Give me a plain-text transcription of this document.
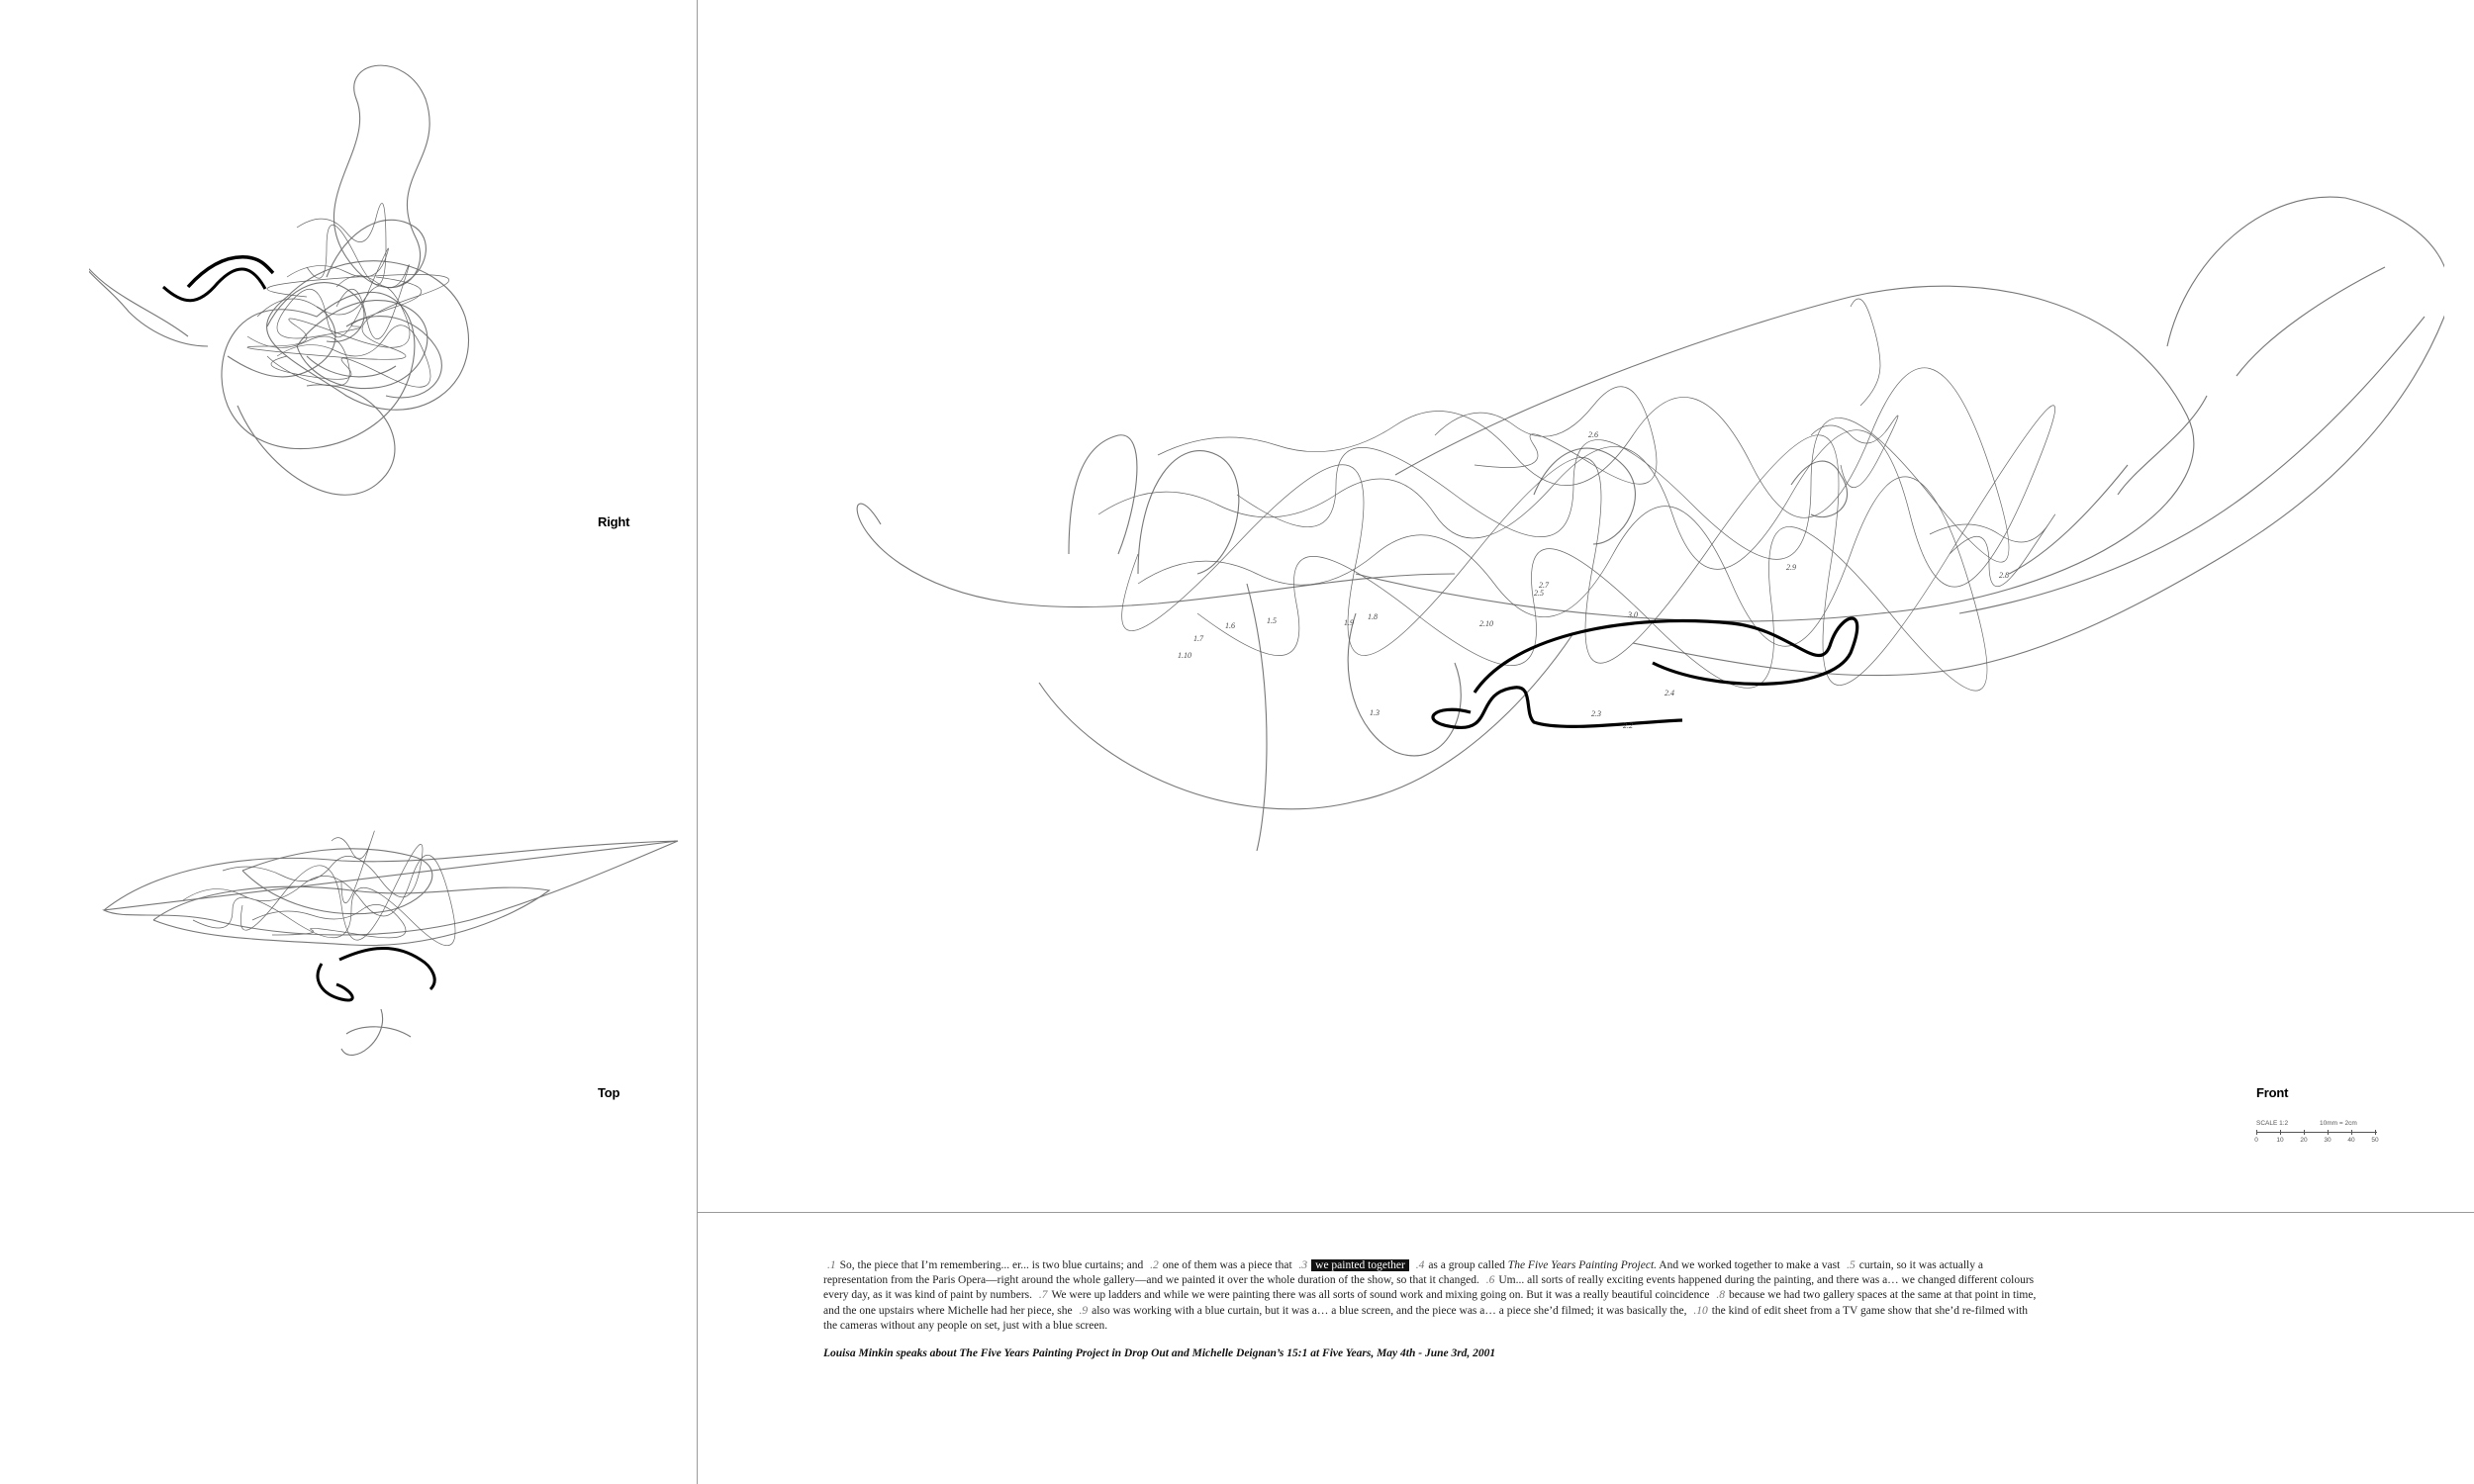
Right
Top
2.6
2.7
2.5
2.9
2.8
2.4
2.3
2.2
2.10
1.8
1.9
3.0
1.10
1.7
1.6
1.5
1.3
Front
SCALE 1:2	10mm = 2cm
0	10	20	30	40	50
.1 So, the piece that I’m remembering... er... is two blue curtains; and .2 one of them was a piece that .3 we painted together .4 as a group called The Five Years Painting Project. And we worked together to make a vast .5 curtain, so it was actually a representation from the Paris Opera—right around the whole gallery—and we painted it over the whole duration of the show, so that it changed. .6 Um... all sorts of really exciting events happened during the painting, and there was a… we changed different colours every day, as it was kind of paint by numbers. .7 We were up ladders and while we were painting there was all sorts of sound work and mixing going on. But it was a really beautiful coincidence .8 because we had two gallery spaces at the same at that point in time, and the one upstairs where Michelle had her piece, she .9 also was working with a blue curtain, but it was a… a blue screen, and the piece was a… a piece she’d filmed; it was basically the, .10 the kind of edit sheet from a TV game show that she’d re-filmed with the cameras without any people on set, just with a blue screen.
Louisa Minkin speaks about The Five Years Painting Project in Drop Out and Michelle Deignan’s 15:1 at Five Years, May 4th - June 3rd, 2001
